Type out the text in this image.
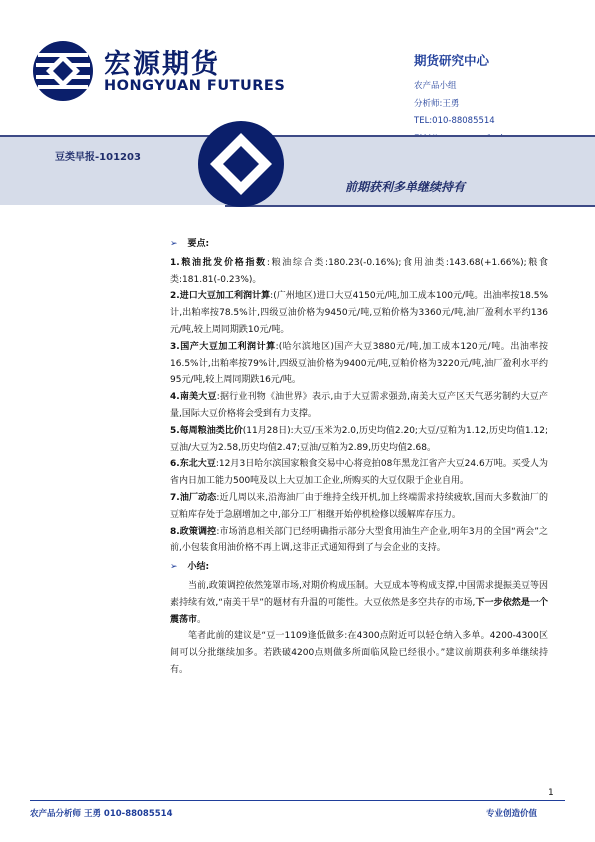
宏源期货
HONGYUAN FUTURES
期货研究中心
农产品小组
分析师:王勇
TEL:010-88085514
豆类早报-101203
前期获利多单继续持有
➢ 要点:
1.粮油批发价格指数:粮油综合类:180.23(-0.16%);食用油类:143.68(+1.66%);粮食类:181.81(-0.23%)。
2.进口大豆加工利润计算:(广州地区)进口大豆4150元/吨,加工成本100元/吨。出油率按18.5%计,出粕率按78.5%计,四级豆油价格为9450元/吨,豆粕价格为3360元/吨,油厂盈利水平约136元/吨,较上周同期跌10元/吨。
3.国产大豆加工利润计算:(哈尔滨地区)国产大豆3880元/吨,加工成本120元/吨。出油率按16.5%计,出粕率按79%计,四级豆油价格为9400元/吨,豆粕价格为3220元/吨,油厂盈利水平约95元/吨,较上周同期跌16元/吨。
4.南美大豆:据行业刊物《油世界》表示,由于大豆需求强劲,南美大豆产区天气恶劣制约大豆产量,国际大豆价格将会受到有力支撑。
5.每周粮油类比价(11月28日):大豆/玉米为2.0,历史均值2.20;大豆/豆粕为1.12,历史均值1.12;豆油/大豆为2.58,历史均值2.47;豆油/豆粕为2.89,历史均值2.68。
6.东北大豆:12月3日哈尔滨国家粮食交易中心将竞拍08年黑龙江省产大豆24.6万吨。买受人为省内日加工能力500吨及以上大豆加工企业,所购买的大豆仅限于企业自用。
7.油厂动态:近几周以来,沿海油厂由于维持全线开机,加上终端需求持续疲软,国而大多数油厂的豆粕库存处于急剧增加之中,部分工厂相继开始停机检修以缓解库存压力。
8.政策调控:市场消息相关部门已经明确指示部分大型食用油生产企业,明年3月的全国“两会”之前,小包装食用油价格不再上调,这非正式通知得到了与会企业的支持。
➢ 小结:
当前,政策调控依然笼罩市场,对期价构成压制。大豆成本等构成支撑,中国需求提振美豆等因素持续有效,“南美干旱”的题材有升温的可能性。大豆依然是多空共存的市场,下一步依然是一个震荡市。
笔者此前的建议是“豆一1109逢低做多:在4300点附近可以轻仓纳入多单。4200-4300区间可以分批继续加多。若跌破4200点则做多所面临风险已经很小。”建议前期获利多单继续持有。
1
农产品分析师 王勇 010-88085514	专业创造价值
